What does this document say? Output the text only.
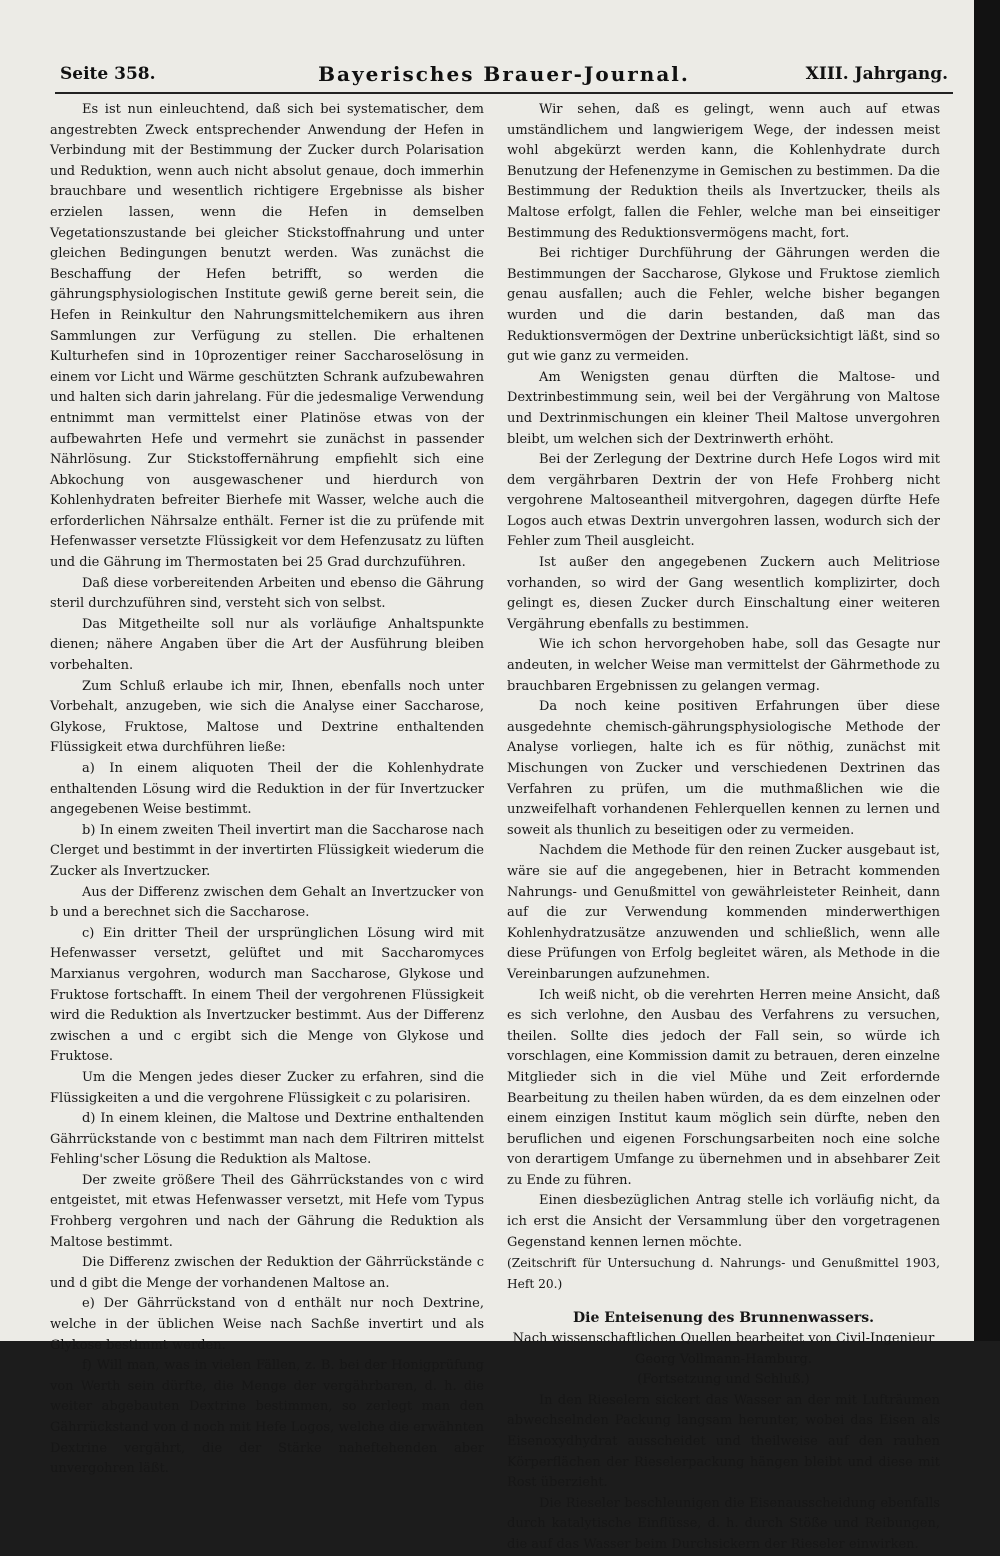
Seite 358.	Bayerisches Brauer-Journal.	XIII. Jahrgang.

Es ist nun einleuchtend, daß sich bei systematischer, dem angestrebten Zweck entsprechender Anwendung der Hefen in Verbindung mit der Bestimmung der Zucker durch Polarisation und Reduktion, wenn auch nicht absolut genaue, doch immerhin brauchbare und wesentlich richtigere Ergebnisse als bisher erzielen lassen, wenn die Hefen in demselben Vegetationszustande bei gleicher Stickstoffnahrung und unter gleichen Bedingungen benutzt werden. Was zunächst die Beschaffung der Hefen betrifft, so werden die gährungsphysiologischen Institute gewiß gerne bereit sein, die Hefen in Reinkultur den Nahrungsmittelchemikern aus ihren Sammlungen zur Verfügung zu stellen. Die erhaltenen Kulturhefen sind in 10prozentiger reiner Saccharoselösung in einem vor Licht und Wärme geschützten Schrank aufzubewahren und halten sich darin jahrelang. Für die jedesmalige Verwendung entnimmt man vermittelst einer Platinöse etwas von der aufbewahrten Hefe und vermehrt sie zunächst in passender Nährlösung. Zur Stickstoffernährung empfiehlt sich eine Abkochung von ausgewaschener und hierdurch von Kohlenhydraten befreiter Bierhefe mit Wasser, welche auch die erforderlichen Nährsalze enthält. Ferner ist die zu prüfende mit Hefenwasser versetzte Flüssigkeit vor dem Hefenzusatz zu lüften und die Gährung im Thermostaten bei 25 Grad durchzuführen.

Daß diese vorbereitenden Arbeiten und ebenso die Gährung steril durchzuführen sind, versteht sich von selbst.

Das Mitgetheilte soll nur als vorläufige Anhaltspunkte dienen; nähere Angaben über die Art der Ausführung bleiben vorbehalten.

Zum Schluß erlaube ich mir, Ihnen, ebenfalls noch unter Vorbehalt, anzugeben, wie sich die Analyse einer Saccharose, Glykose, Fruktose, Maltose und Dextrine enthaltenden Flüssigkeit etwa durchführen ließe:

a) In einem aliquoten Theil der die Kohlenhydrate enthaltenden Lösung wird die Reduktion in der für Invertzucker angegebenen Weise bestimmt.

b) In einem zweiten Theil invertirt man die Saccharose nach Clerget und bestimmt in der invertirten Flüssigkeit wiederum die Zucker als Invertzucker.

Aus der Differenz zwischen dem Gehalt an Invertzucker von b und a berechnet sich die Saccharose.

c) Ein dritter Theil der ursprünglichen Lösung wird mit Hefenwasser versetzt, gelüftet und mit Saccharomyces Marxianus vergohren, wodurch man Saccharose, Glykose und Fruktose fortschafft. In einem Theil der vergohrenen Flüssigkeit wird die Reduktion als Invertzucker bestimmt. Aus der Differenz zwischen a und c ergibt sich die Menge von Glykose und Fruktose.

Um die Mengen jedes dieser Zucker zu erfahren, sind die Flüssigkeiten a und die vergohrene Flüssigkeit c zu polarisiren.

d) In einem kleinen, die Maltose und Dextrine enthaltenden Gährrückstande von c bestimmt man nach dem Filtriren mittelst Fehling'scher Lösung die Reduktion als Maltose.

Der zweite größere Theil des Gährrückstandes von c wird entgeistet, mit etwas Hefenwasser versetzt, mit Hefe vom Typus Frohberg vergohren und nach der Gährung die Reduktion als Maltose bestimmt.

Die Differenz zwischen der Reduktion der Gährrückstände c und d gibt die Menge der vorhandenen Maltose an.

e) Der Gährrückstand von d enthält nur noch Dextrine, welche in der üblichen Weise nach Sachße invertirt und als Glykose bestimmt werden.

f) Will man, was in vielen Fällen, z. B. bei der Honigprüfung von Werth sein dürfte, die Menge der vergährbaren, d. h. die weiter abgebauten Dextrine bestimmen, so zerlegt man den Gährrückstand von d noch mit Hefe Logos, welche die erwähnten Dextrine vergährt, die der Stärke naheftehenden aber unvergohren läßt.

Wir sehen, daß es gelingt, wenn auch auf etwas umständlichem und langwierigem Wege, der indessen meist wohl abgekürzt werden kann, die Kohlenhydrate durch Benutzung der Hefenenzyme in Gemischen zu bestimmen. Da die Bestimmung der Reduktion theils als Invertzucker, theils als Maltose erfolgt, fallen die Fehler, welche man bei einseitiger Bestimmung des Reduktionsvermögens macht, fort.

Bei richtiger Durchführung der Gährungen werden die Bestimmungen der Saccharose, Glykose und Fruktose ziemlich genau ausfallen; auch die Fehler, welche bisher begangen wurden und die darin bestanden, daß man das Reduktionsvermögen der Dextrine unberücksichtigt läßt, sind so gut wie ganz zu vermeiden.

Am Wenigsten genau dürften die Maltose- und Dextrinbestimmung sein, weil bei der Vergährung von Maltose und Dextrinmischungen ein kleiner Theil Maltose unvergohren bleibt, um welchen sich der Dextrinwerth erhöht.

Bei der Zerlegung der Dextrine durch Hefe Logos wird mit dem vergährbaren Dextrin der von Hefe Frohberg nicht vergohrene Maltoseantheil mitvergohren, dagegen dürfte Hefe Logos auch etwas Dextrin unvergohren lassen, wodurch sich der Fehler zum Theil ausgleicht.

Ist außer den angegebenen Zuckern auch Melitriose vorhanden, so wird der Gang wesentlich komplizirter, doch gelingt es, diesen Zucker durch Einschaltung einer weiteren Vergährung ebenfalls zu bestimmen.

Wie ich schon hervorgehoben habe, soll das Gesagte nur andeuten, in welcher Weise man vermittelst der Gährmethode zu brauchbaren Ergebnissen zu gelangen vermag.

Da noch keine positiven Erfahrungen über diese ausgedehnte chemisch-gährungsphysiologische Methode der Analyse vorliegen, halte ich es für nöthig, zunächst mit Mischungen von Zucker und verschiedenen Dextrinen das Verfahren zu prüfen, um die muthmaßlichen wie die unzweifelhaft vorhandenen Fehlerquellen kennen zu lernen und soweit als thunlich zu beseitigen oder zu vermeiden.

Nachdem die Methode für den reinen Zucker ausgebaut ist, wäre sie auf die angegebenen, hier in Betracht kommenden Nahrungs- und Genußmittel von gewährleisteter Reinheit, dann auf die zur Verwendung kommenden minderwerthigen Kohlenhydratzusätze anzuwenden und schließlich, wenn alle diese Prüfungen von Erfolg begleitet wären, als Methode in die Vereinbarungen aufzunehmen.

Ich weiß nicht, ob die verehrten Herren meine Ansicht, daß es sich verlohne, den Ausbau des Verfahrens zu versuchen, theilen. Sollte dies jedoch der Fall sein, so würde ich vorschlagen, eine Kommission damit zu betrauen, deren einzelne Mitglieder sich in die viel Mühe und Zeit erfordernde Bearbeitung zu theilen haben würden, da es dem einzelnen oder einem einzigen Institut kaum möglich sein dürfte, neben den beruflichen und eigenen Forschungsarbeiten noch eine solche von derartigem Umfange zu übernehmen und in absehbarer Zeit zu Ende zu führen.

Einen diesbezüglichen Antrag stelle ich vorläufig nicht, da ich erst die Ansicht der Versammlung über den vorgetragenen Gegenstand kennen lernen möchte.

(Zeitschrift für Untersuchung d. Nahrungs- und Genußmittel 1903, Heft 20.)

Die Enteisenung des Brunnenwassers.

Nach wissenschaftlichen Quellen bearbeitet von Civil-Ingenieur

Georg Vollmann-Hamburg.

(Fortsetzung und Schluß.)

In den Rieselern sickert das Wasser an der mit Lufträumen abwechselnden Packung langsam herunter, wobei das Eisen als Eisenoxydhydrat ausscheidet und theilweise auf den rauhen Körperflächen der Rieselerpackung hängen bleibt und diese mit Rost überzieht.

Die Rieseler beschleunigen die Eisenausscheidung ebenfalls durch katalytische Einflüsse, d. h. durch Stöße und Reibungen, die auf das Wasser beim Durchsickern der Rieseler einwirken.
